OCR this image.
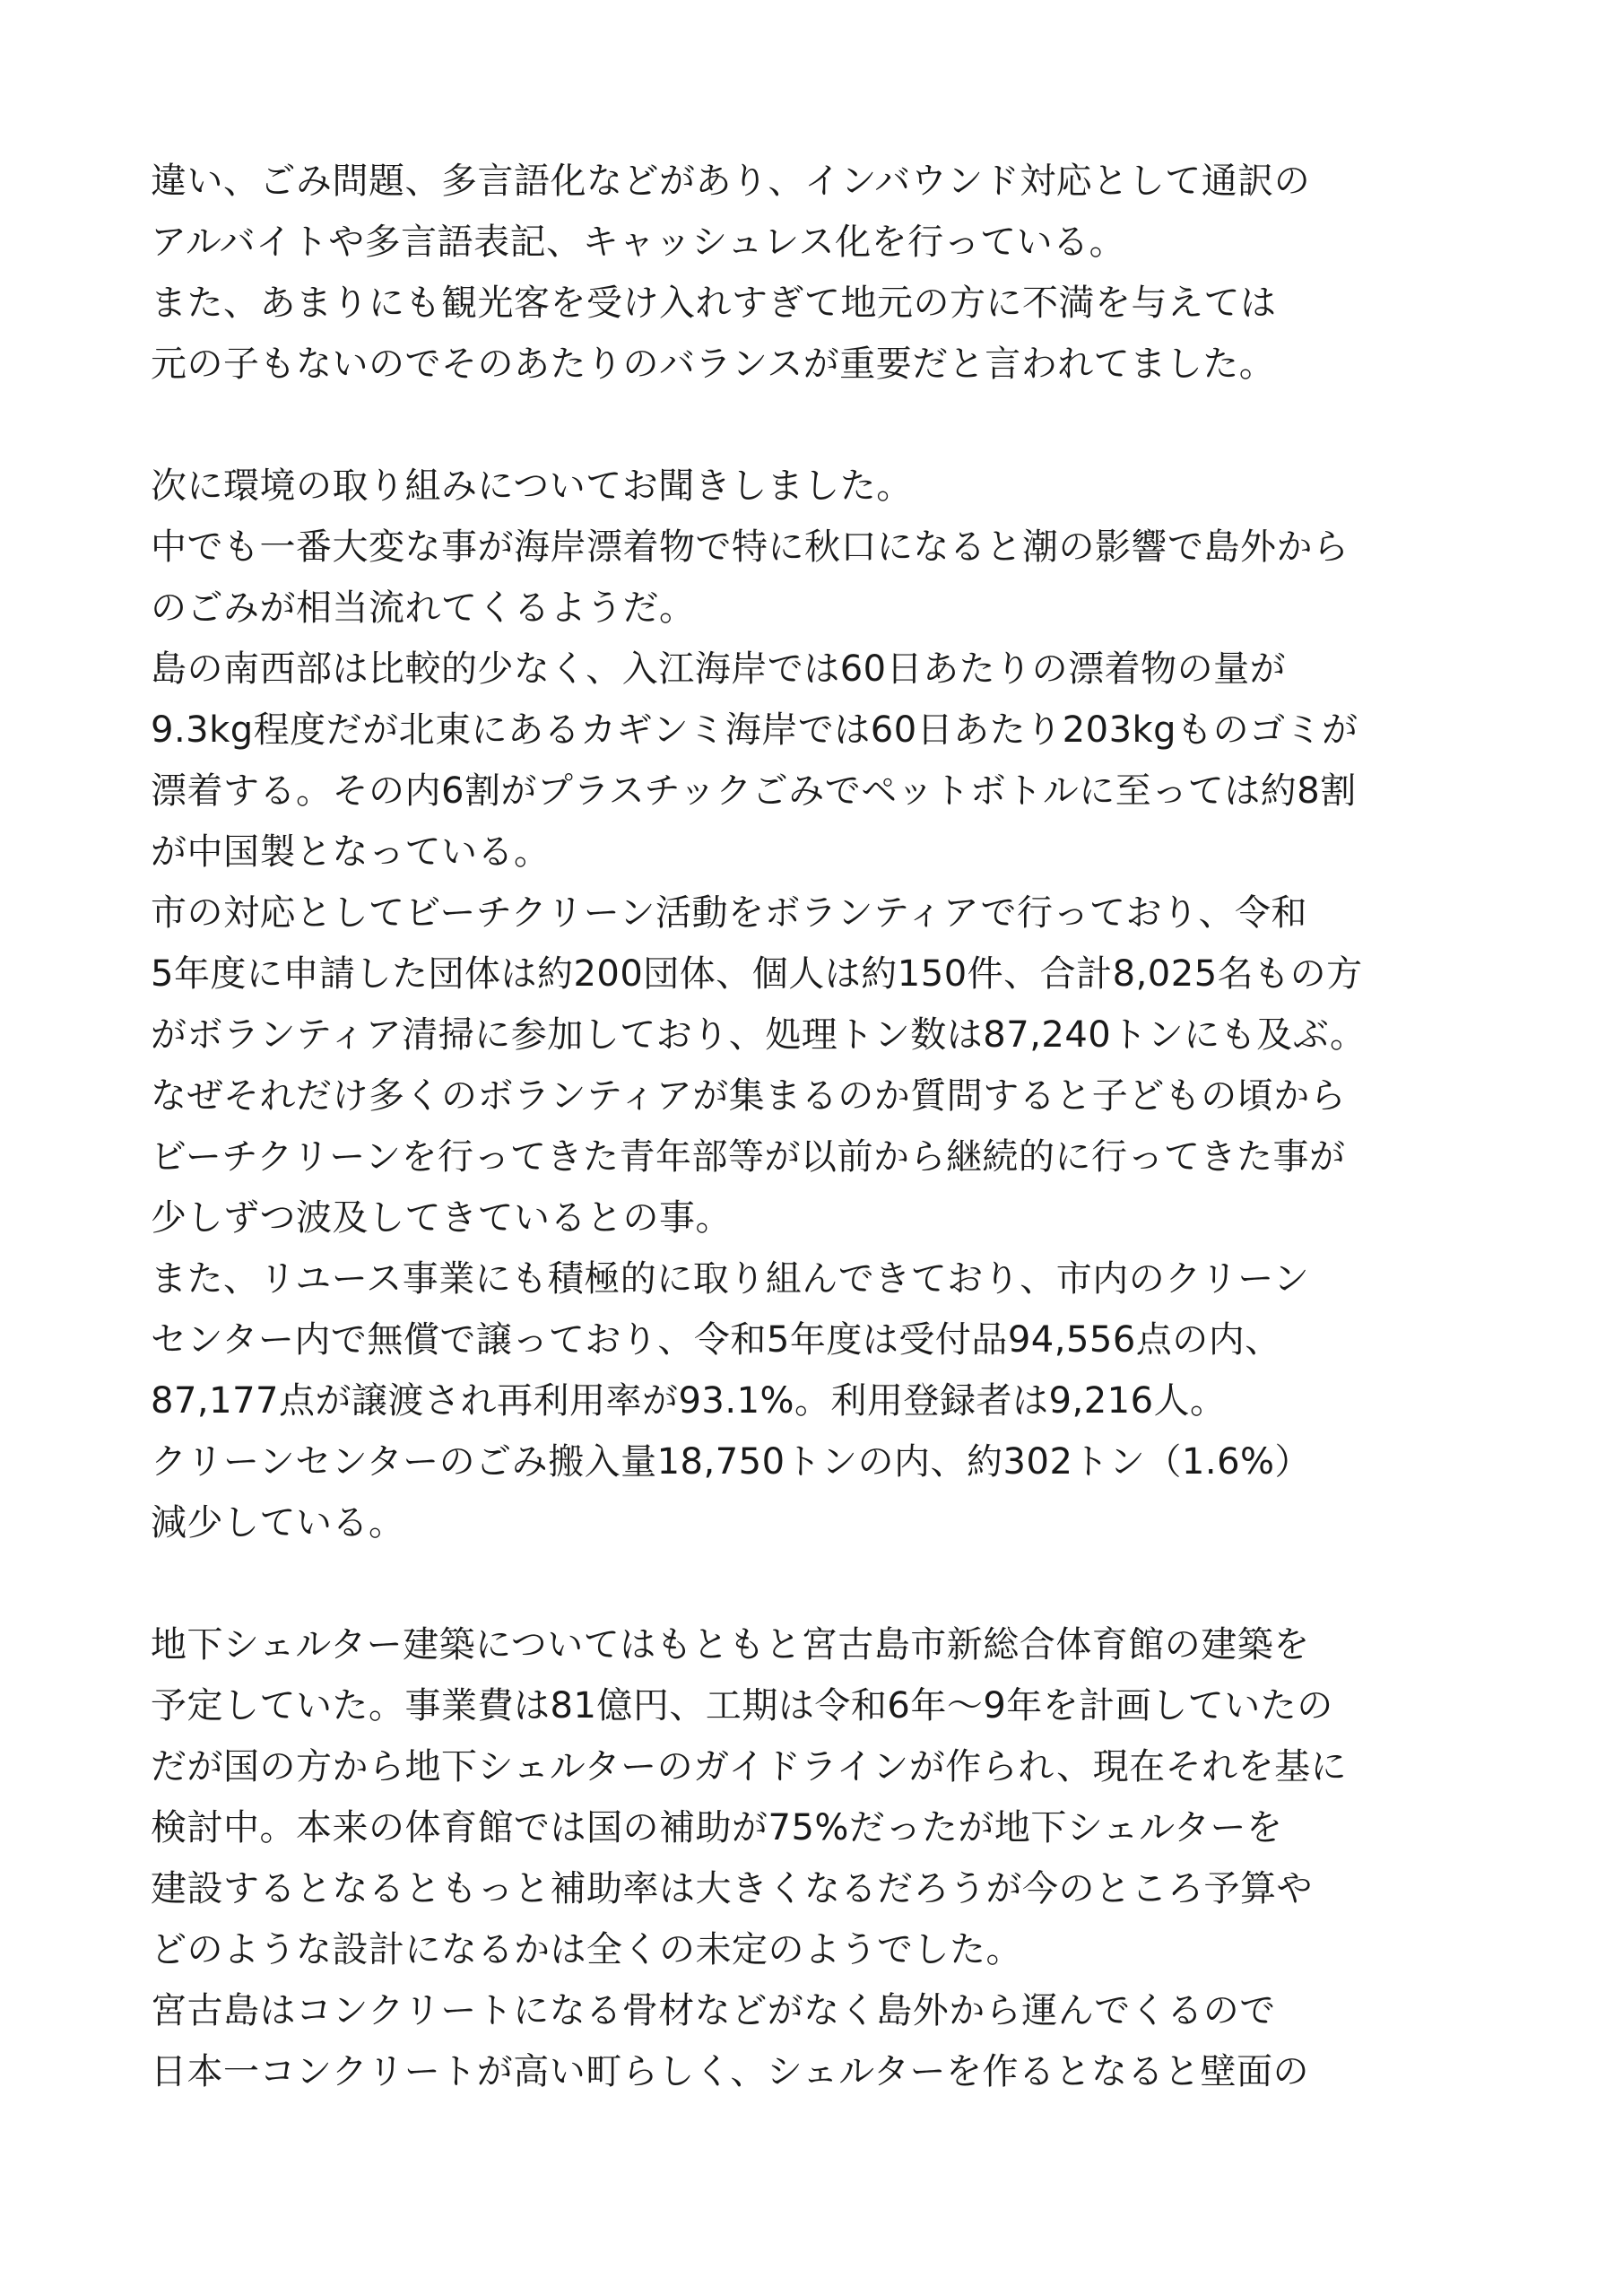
違い、ごみ問題、多言語化などがあり、インバウンド対応として通訳の
アルバイトや多言語表記、キャッシュレス化を行っている。
また、あまりにも観光客を受け入れすぎて地元の方に不満を与えては
元の子もないのでそのあたりのバランスが重要だと言われてました。
次に環境の取り組みについてお聞きしました。
中でも一番大変な事が海岸漂着物で特に秋口になると潮の影響で島外から
のごみが相当流れてくるようだ。
島の南西部は比較的少なく、入江海岸では60日あたりの漂着物の量が
9.3kg程度だが北東にあるカギンミ海岸では60日あたり203kgものゴミが
漂着する。その内6割がプラスチックごみでペットボトルに至っては約8割
が中国製となっている。
市の対応としてビーチクリーン活動をボランティアで行っており、令和
5年度に申請した団体は約200団体、個人は約150件、合計8,025名もの方
がボランティア清掃に参加しており、処理トン数は87,240トンにも及ぶ。
なぜそれだけ多くのボランティアが集まるのか質問すると子どもの頃から
ビーチクリーンを行ってきた青年部等が以前から継続的に行ってきた事が
少しずつ波及してきているとの事。
また、リユース事業にも積極的に取り組んできており、市内のクリーン
センター内で無償で譲っており、令和5年度は受付品94,556点の内、
87,177点が譲渡され再利用率が93.1%。利用登録者は9,216人。
クリーンセンターのごみ搬入量18,750トンの内、約302トン（1.6%）
減少している。
地下シェルター建築についてはもともと宮古島市新総合体育館の建築を
予定していた。事業費は81億円、工期は令和6年～9年を計画していたの
だが国の方から地下シェルターのガイドラインが作られ、現在それを基に
検討中。本来の体育館では国の補助が75%だったが地下シェルターを
建設するとなるともっと補助率は大きくなるだろうが今のところ予算や
どのような設計になるかは全くの未定のようでした。
宮古島はコンクリートになる骨材などがなく島外から運んでくるので
日本一コンクリートが高い町らしく、シェルターを作るとなると壁面の
